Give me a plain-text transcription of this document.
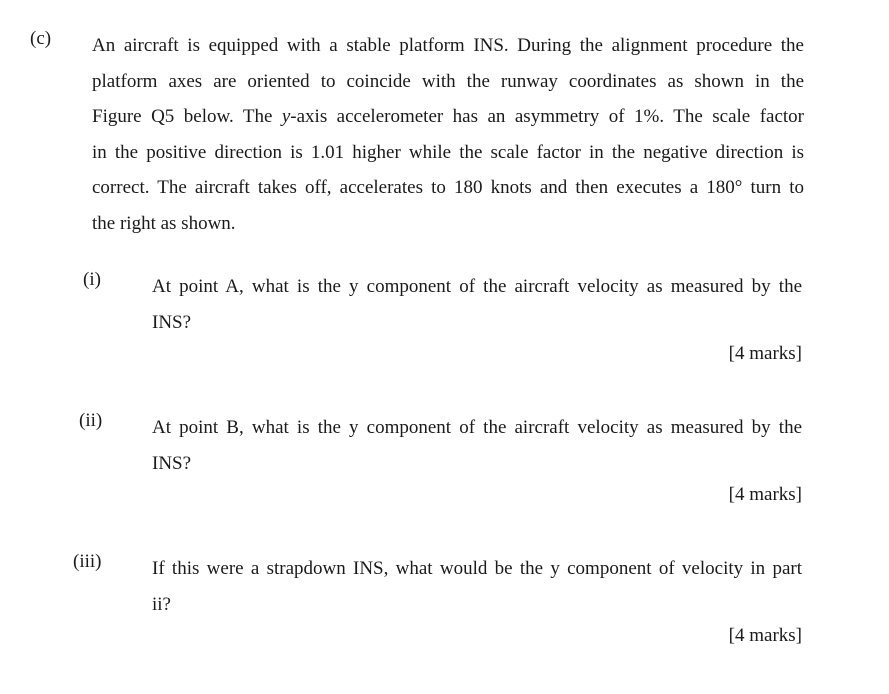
(c) An aircraft is equipped with a stable platform INS. During the alignment procedure the
platform axes are oriented to coincide with the runway coordinates as shown in the
Figure Q5 below. The y-axis accelerometer has an asymmetry of 1%. The scale factor
in the positive direction is 1.01 higher while the scale factor in the negative direction is
correct. The aircraft takes off, accelerates to 180 knots and then executes a 180° turn to
the right as shown.
(i)	At point A, what is the y component of the aircraft velocity as measured by the
INS?
[4 marks]
(ii)	At point B, what is the y component of the aircraft velocity as measured by the
INS?
[4 marks]
(iii)	If this were a strapdown INS, what would be the y component of velocity in part
ii?
[4 marks]
